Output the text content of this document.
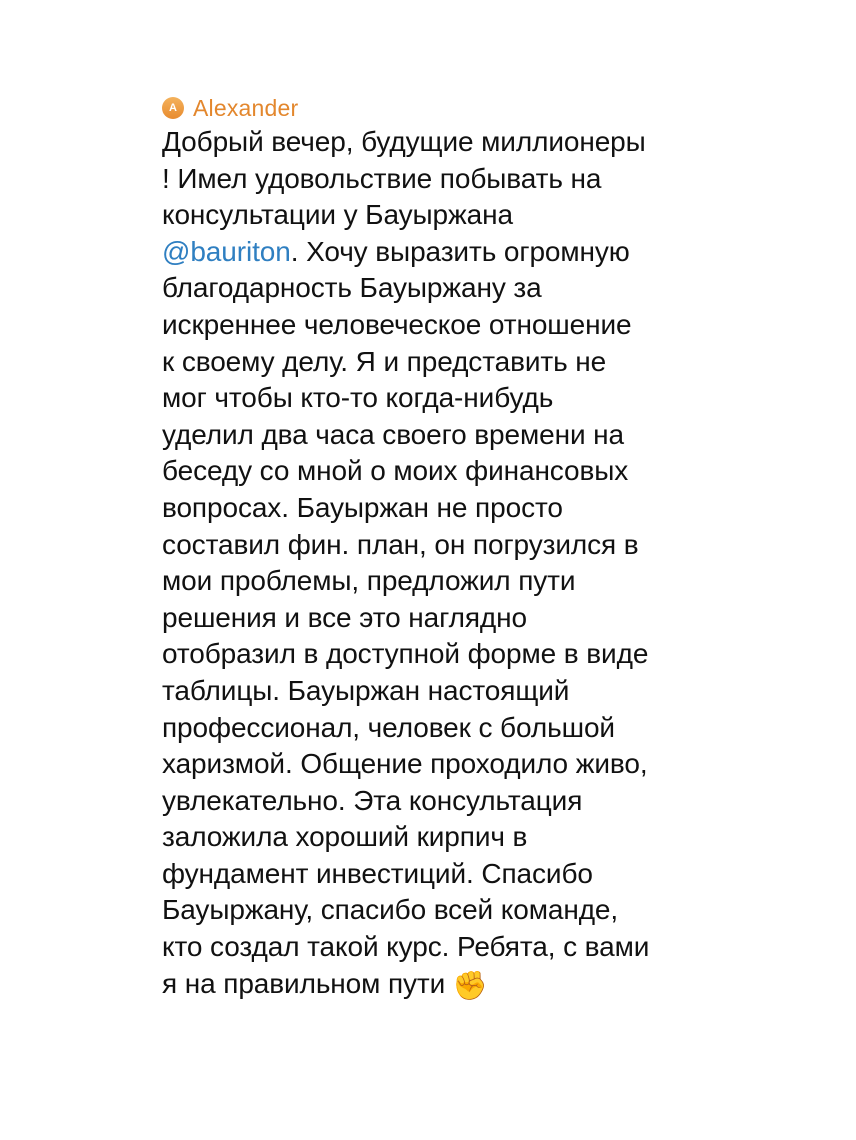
A Alexander

Добрый вечер, будущие миллионеры
! Имел удовольствие побывать на
консультации у Бауыржана
@bauriton. Хочу выразить огромную
благодарность Бауыржану за
искреннее человеческое отношение
к своему делу. Я и представить не
мог чтобы кто-то когда-нибудь
уделил два часа своего времени на
беседу со мной о моих финансовых
вопросах. Бауыржан не просто
составил фин. план, он погрузился в
мои проблемы, предложил пути
решения и все это наглядно
отобразил в доступной форме в виде
таблицы. Бауыржан настоящий
профессионал, человек с большой
харизмой. Общение проходило живо,
увлекательно. Эта консультация
заложила хороший кирпич в
фундамент инвестиций. Спасибо
Бауыржану, спасибо всей команде,
кто создал такой курс. Ребята, с вами
я на правильном пути ✊
